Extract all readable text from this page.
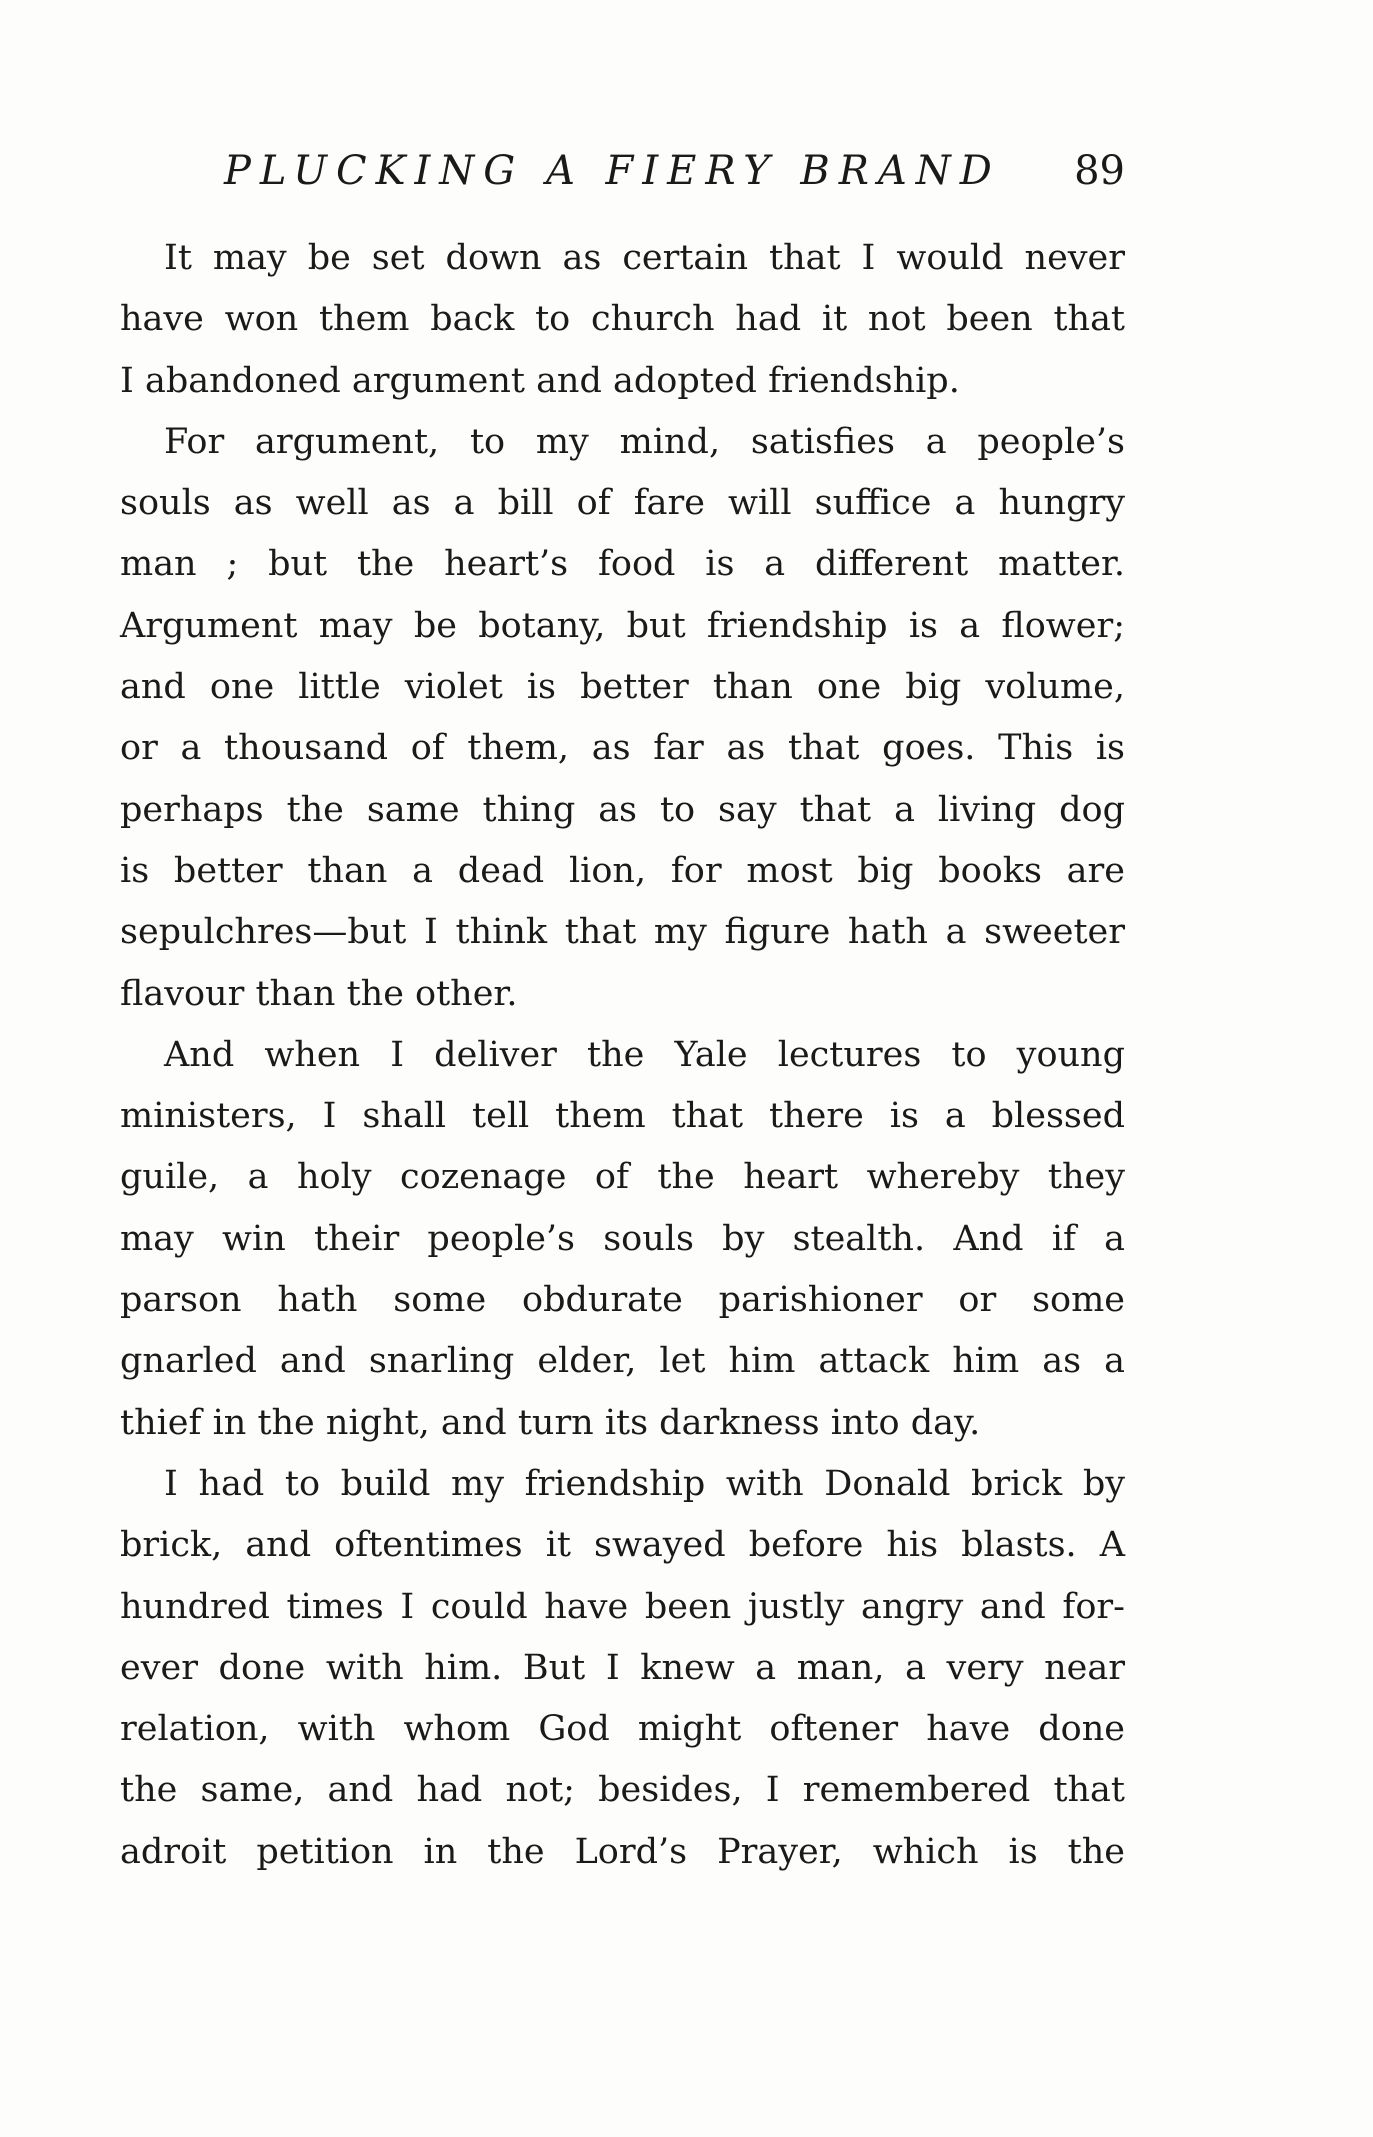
PLUCKING A FIERY BRAND 89

It may be set down as certain that I would never
have won them back to church had it not been that
I abandoned argument and adopted friendship.

For argument, to my mind, satisfies a people’s
souls as well as a bill of fare will suffice a hungry
man ; but the heart’s food is a different matter.
Argument may be botany, but friendship is a flower;
and one little violet is better than one big volume,
or a thousand of them, as far as that goes. This is
perhaps the same thing as to say that a living dog
is better than a dead lion, for most big books are
sepulchres—but I think that my figure hath a sweeter
flavour than the other.

And when I deliver the Yale lectures to young
ministers, I shall tell them that there is a blessed
guile, a holy cozenage of the heart whereby they
may win their people’s souls by stealth. And if a
parson hath some obdurate parishioner or some
gnarled and snarling elder, let him attack him as a
thief in the night, and turn its darkness into day.

I had to build my friendship with Donald brick by
brick, and oftentimes it swayed before his blasts. A
hundred times I could have been justly angry and for-
ever done with him. But I knew a man, a very near
relation, with whom God might oftener have done
the same, and had not; besides, I remembered that
adroit petition in the Lord’s Prayer, which is the
